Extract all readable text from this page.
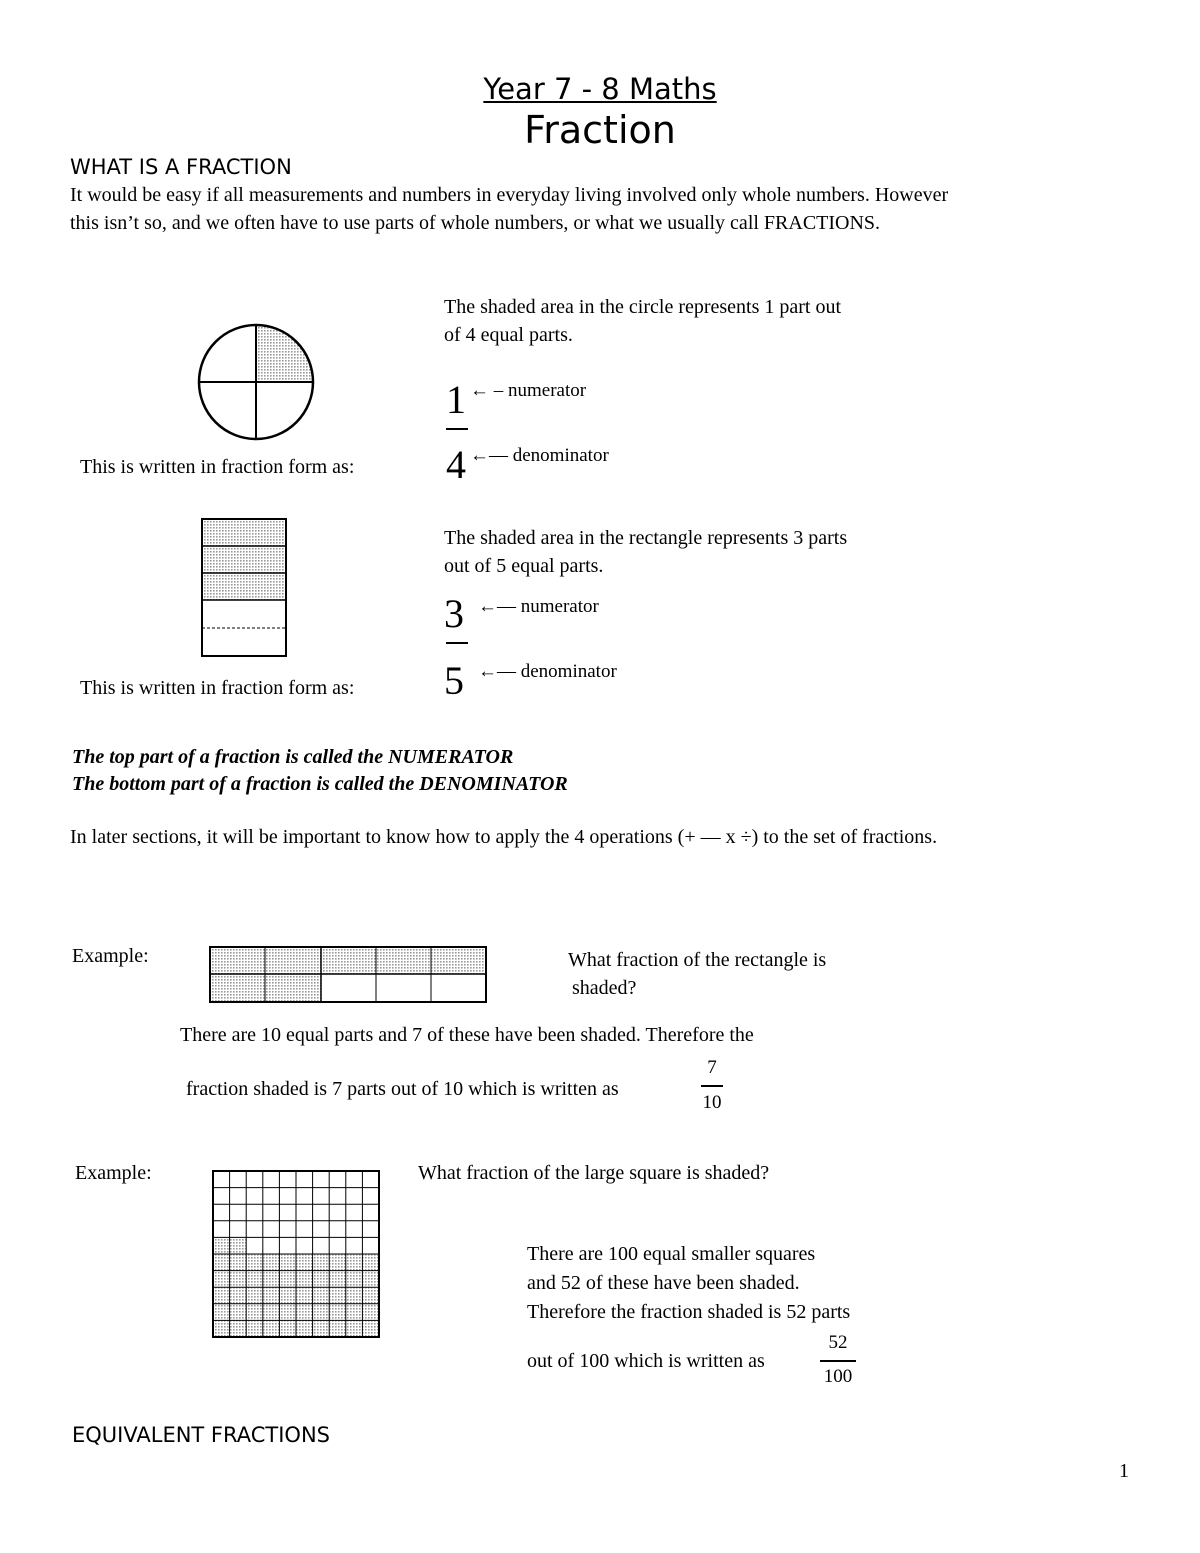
Year 7 - 8 Maths
Fraction
WHAT IS A FRACTION
It would be easy if all measurements and numbers in everyday living involved only whole numbers. However
this isn’t so, and we often have to use parts of whole numbers, or what we usually call FRACTIONS.
The shaded area in the circle represents 1 part out
of 4 equal parts.
1 ← – numerator
4 ←— denominator
This is written in fraction form as:
The shaded area in the rectangle represents 3 parts
out of 5 equal parts.
3 ←— numerator
5 ←— denominator
This is written in fraction form as:
The top part of a fraction is called the NUMERATOR
The bottom part of a fraction is called the DENOMINATOR
In later sections, it will be important to know how to apply the 4 operations (+ — x ÷) to the set of fractions.
Example:	What fraction of the rectangle is
shaded?
There are 10 equal parts and 7 of these have been shaded. Therefore the
fraction shaded is 7 parts out of 10 which is written as
7
10
Example:	What fraction of the large square is shaded?
There are 100 equal smaller squares
and 52 of these have been shaded.
Therefore the fraction shaded is 52 parts
out of 100 which is written as
52
100
EQUIVALENT FRACTIONS
1
